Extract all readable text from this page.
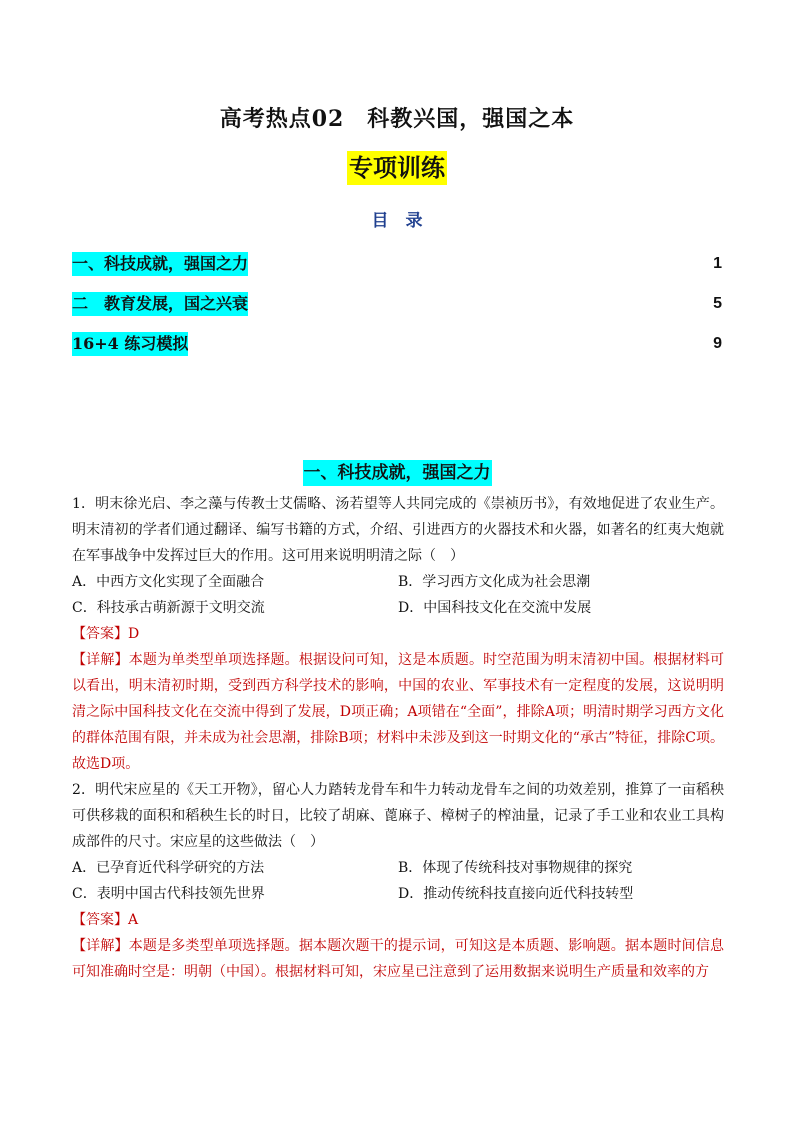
高考热点02　科教兴国，强国之本
专项训练
目　录
一、科技成就，强国之力	1
二　教育发展，国之兴衰	5
16+4 练习模拟	9
一、科技成就，强国之力

1．明末徐光启、李之藻与传教士艾儒略、汤若望等人共同完成的《崇祯历书》，有效地促进了农业生产。明末清初的学者们通过翻译、编写书籍的方式，介绍、引进西方的火器技术和火器，如著名的红夷大炮就在军事战争中发挥过巨大的作用。这可用来说明明清之际（　）

A．中西方文化实现了全面融合	B．学习西方文化成为社会思潮
C．科技承古萌新源于文明交流	D．中国科技文化在交流中发展

【答案】D

【详解】本题为单类型单项选择题。根据设问可知，这是本质题。时空范围为明末清初中国。根据材料可以看出，明末清初时期，受到西方科学技术的影响，中国的农业、军事技术有一定程度的发展，这说明明清之际中国科技文化在交流中得到了发展，D项正确；A项错在“全面”，排除A项；明清时期学习西方文化的群体范围有限，并未成为社会思潮，排除B项；材料中未涉及到这一时期文化的“承古”特征，排除C项。故选D项。

2．明代宋应星的《天工开物》，留心人力踏转龙骨车和牛力转动龙骨车之间的功效差别，推算了一亩稻秧可供移栽的面积和稻秧生长的时日，比较了胡麻、蓖麻子、樟树子的榨油量，记录了手工业和农业工具构成部件的尺寸。宋应星的这些做法（　）

A．已孕育近代科学研究的方法	B．体现了传统科技对事物规律的探究
C．表明中国古代科技领先世界	D．推动传统科技直接向近代科技转型

【答案】A

【详解】本题是多类型单项选择题。据本题次题干的提示词，可知这是本质题、影响题。据本题时间信息可知准确时空是：明朝（中国）。根据材料可知，宋应星已注意到了运用数据来说明生产质量和效率的方
